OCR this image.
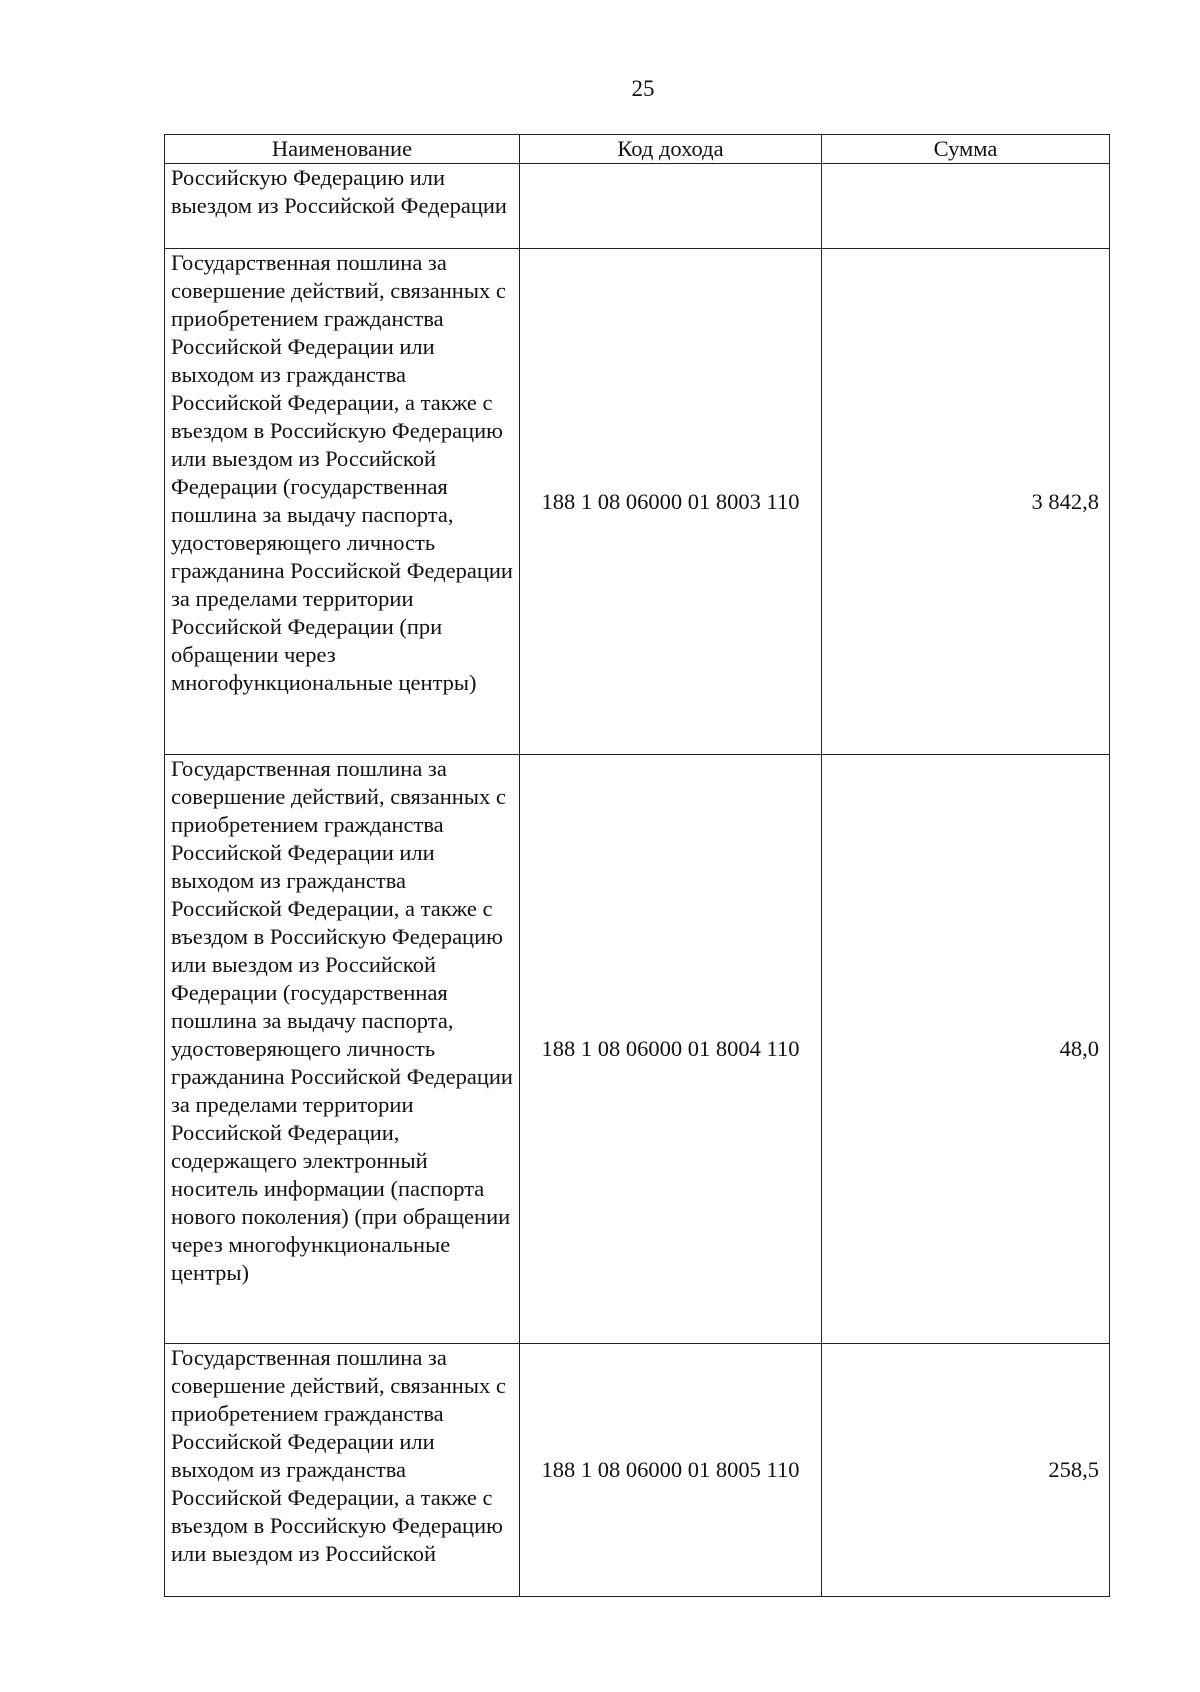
25
Наименование	Код дохода	Сумма
Российскую Федерацию или выездом из Российской Федерации		
Государственная пошлина за совершение действий, связанных с приобретением гражданства Российской Федерации или выходом из гражданства Российской Федерации, а также с въездом в Российскую Федерацию или выездом из Российской Федерации (государственная пошлина за выдачу паспорта, удостоверяющего личность гражданина Российской Федерации за пределами территории Российской Федерации (при обращении через многофункциональные центры)	188 1 08 06000 01 8003 110	3 842,8
Государственная пошлина за совершение действий, связанных с приобретением гражданства Российской Федерации или выходом из гражданства Российской Федерации, а также с въездом в Российскую Федерацию или выездом из Российской Федерации (государственная пошлина за выдачу паспорта, удостоверяющего личность гражданина Российской Федерации за пределами территории Российской Федерации, содержащего электронный носитель информации (паспорта нового поколения) (при обращении через многофункциональные центры)	188 1 08 06000 01 8004 110	48,0
Государственная пошлина за совершение действий, связанных с приобретением гражданства Российской Федерации или выходом из гражданства Российской Федерации, а также с въездом в Российскую Федерацию или выездом из Российской	188 1 08 06000 01 8005 110	258,5
